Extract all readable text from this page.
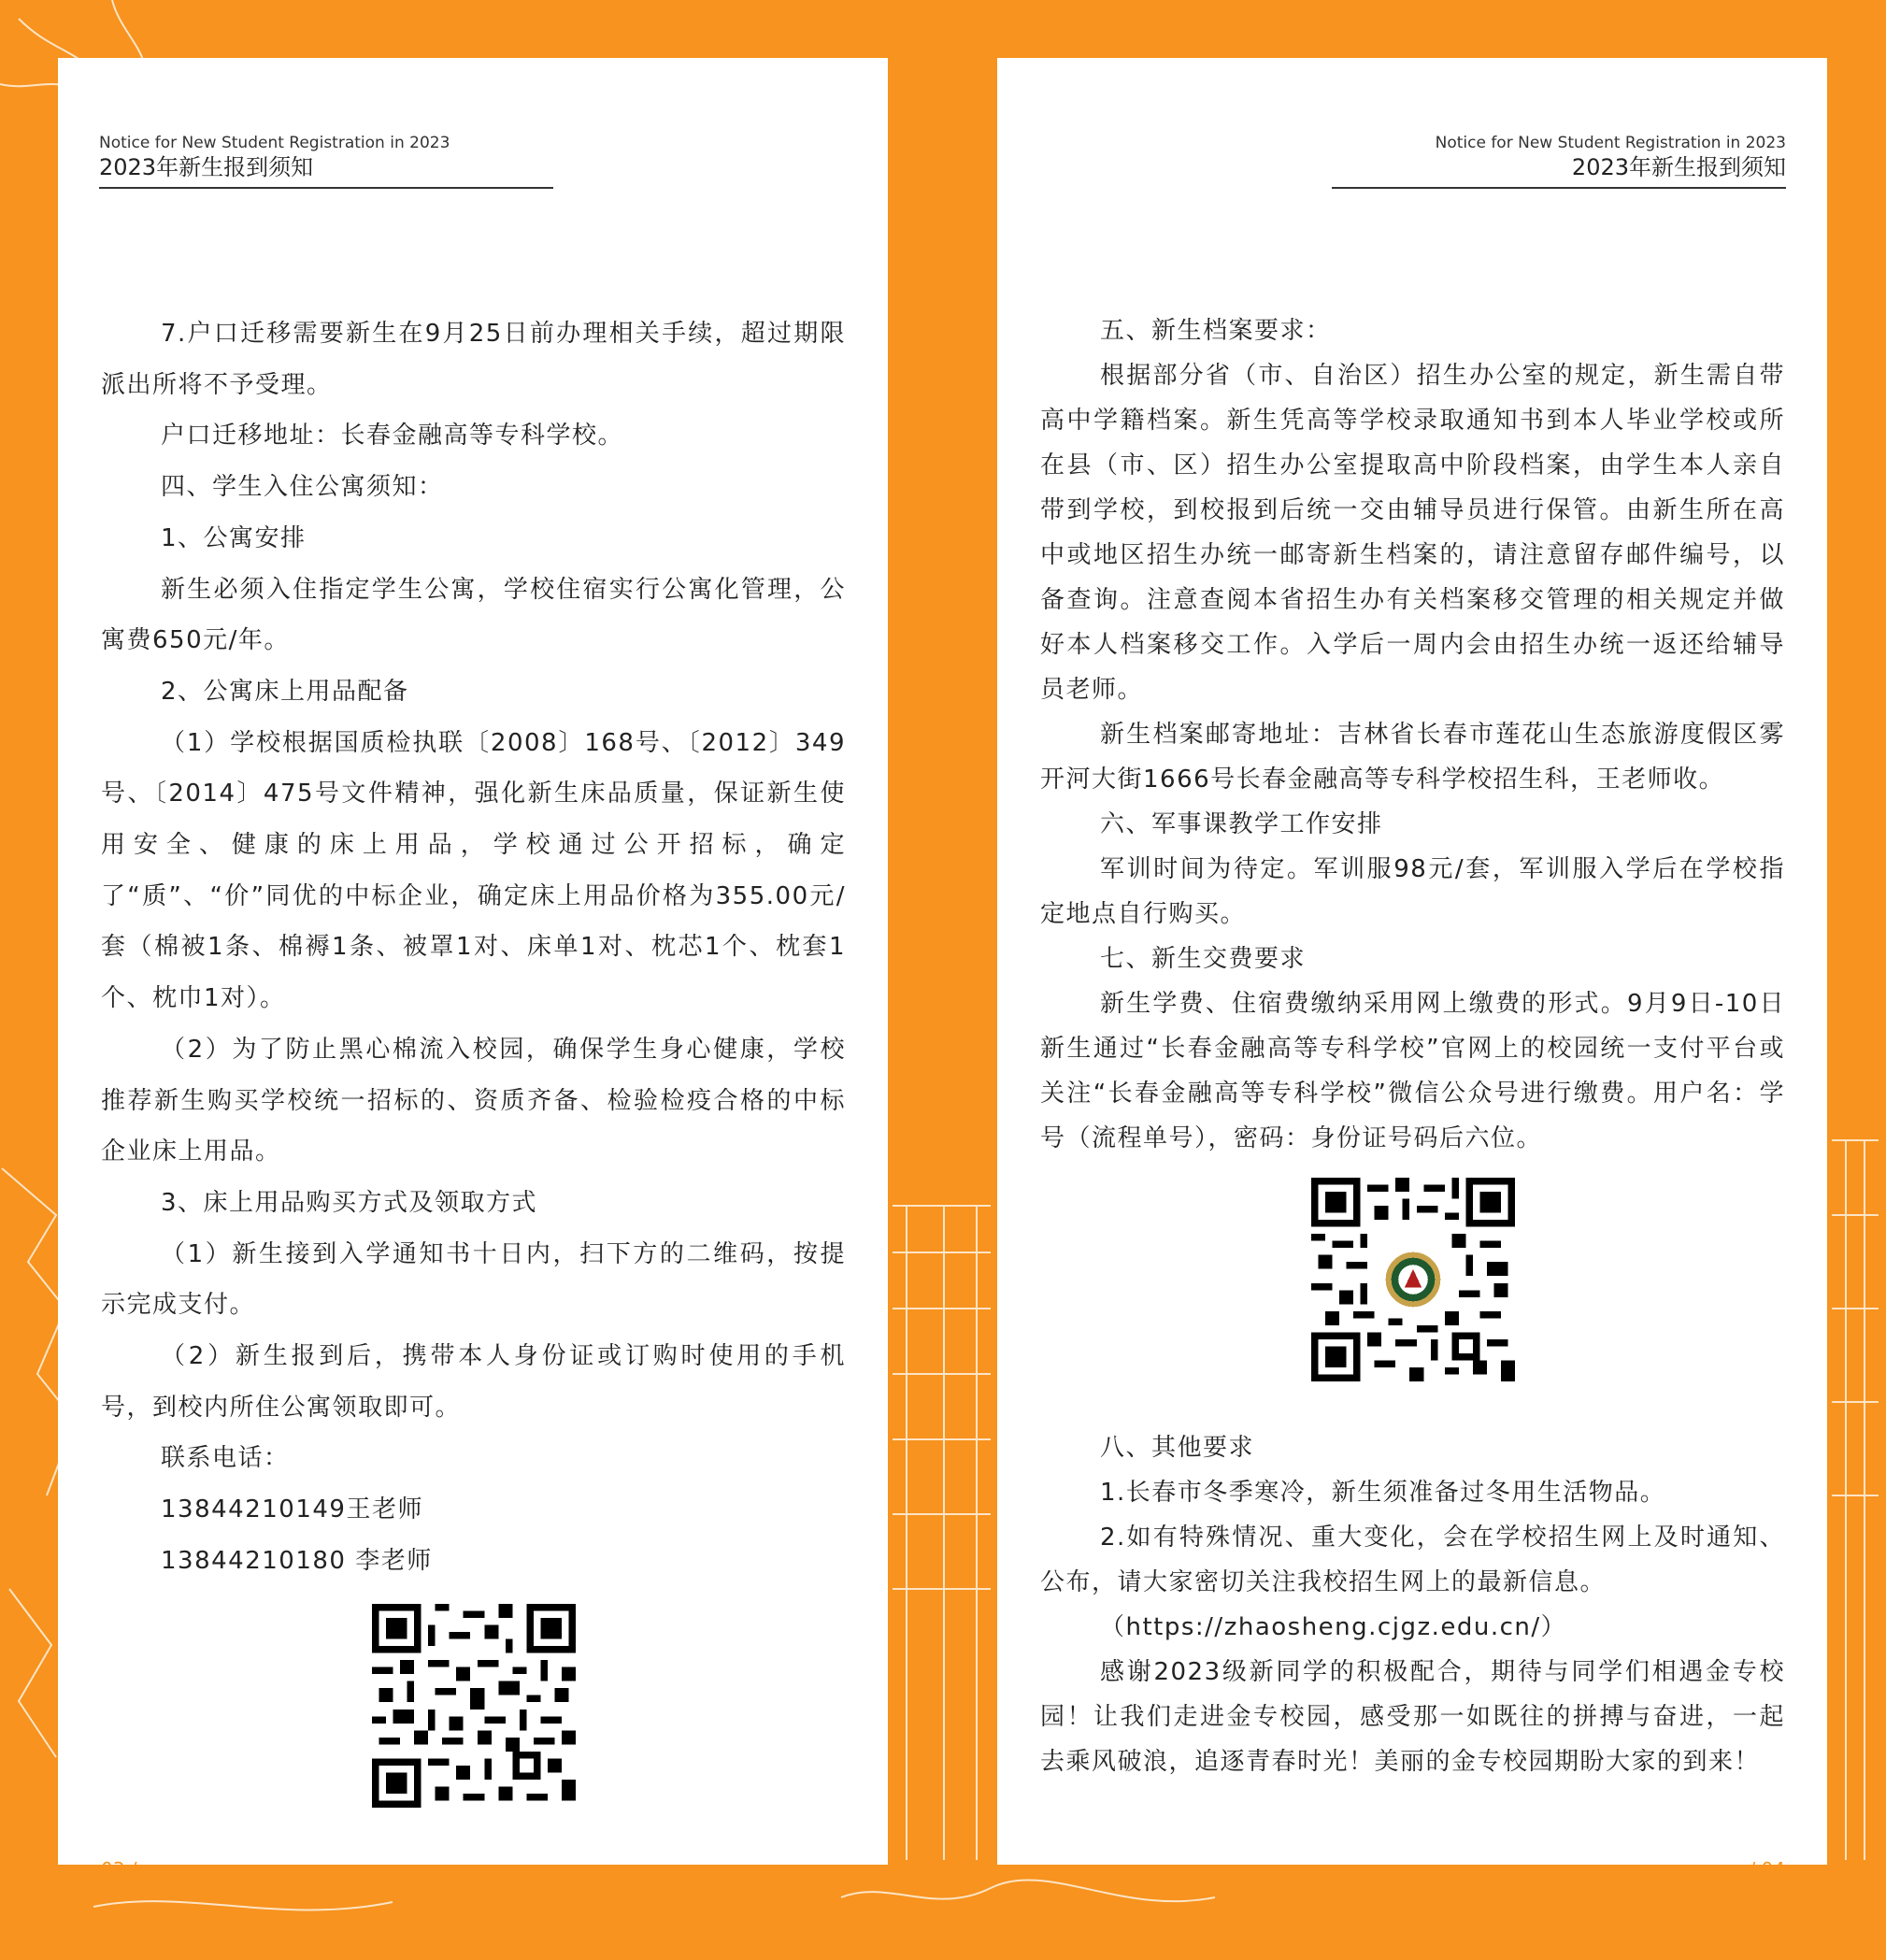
Notice for New Student Registration in 2023
2023年新生报到须知

7.户口迁移需要新生在9月25日前办理相关手续，超过期限派出所将不予受理。

户口迁移地址：长春金融高等专科学校。

四、学生入住公寓须知：

1、公寓安排

新生必须入住指定学生公寓，学校住宿实行公寓化管理，公寓费650元/年。

2、公寓床上用品配备

（1）学校根据国质检执联〔2008〕168号、〔2012〕349号、〔2014〕475号文件精神，强化新生床品质量，保证新生使用安全、健康的床上用品，学校通过公开招标，确定了“质”、“价”同优的中标企业，确定床上用品价格为355.00元/套（棉被1条、棉褥1条、被罩1对、床单1对、枕芯1个、枕套1个、枕巾1对）。

（2）为了防止黑心棉流入校园，确保学生身心健康，学校推荐新生购买学校统一招标的、资质齐备、检验检疫合格的中标企业床上用品。

3、床上用品购买方式及领取方式

（1）新生接到入学通知书十日内，扫下方的二维码，按提示完成支付。

（2）新生报到后，携带本人身份证或订购时使用的手机号，到校内所住公寓领取即可。

联系电话：

13844210149王老师

13844210180 李老师

03 /
Notice for New Student Registration in 2023
2023年新生报到须知

五、新生档案要求：

根据部分省（市、自治区）招生办公室的规定，新生需自带高中学籍档案。新生凭高等学校录取通知书到本人毕业学校或所在县（市、区）招生办公室提取高中阶段档案，由学生本人亲自带到学校，到校报到后统一交由辅导员进行保管。由新生所在高中或地区招生办统一邮寄新生档案的，请注意留存邮件编号，以备查询。注意查阅本省招生办有关档案移交管理的相关规定并做好本人档案移交工作。入学后一周内会由招生办统一返还给辅导员老师。

新生档案邮寄地址：吉林省长春市莲花山生态旅游度假区雾开河大街1666号长春金融高等专科学校招生科，王老师收。

六、军事课教学工作安排

军训时间为待定。军训服98元/套，军训服入学后在学校指定地点自行购买。

七、新生交费要求

新生学费、住宿费缴纳采用网上缴费的形式。9月9日-10日新生通过“长春金融高等专科学校”官网上的校园统一支付平台或关注“长春金融高等专科学校”微信公众号进行缴费。用户名：学号（流程单号），密码：身份证号码后六位。

八、其他要求

1.长春市冬季寒冷，新生须准备过冬用生活物品。

2.如有特殊情况、重大变化，会在学校招生网上及时通知、公布，请大家密切关注我校招生网上的最新信息。

（https://zhaosheng.cjgz.edu.cn/）

感谢2023级新同学的积极配合，期待与同学们相遇金专校园！让我们走进金专校园，感受那一如既往的拼搏与奋进，一起去乘风破浪，追逐青春时光！美丽的金专校园期盼大家的到来！

/ 04
